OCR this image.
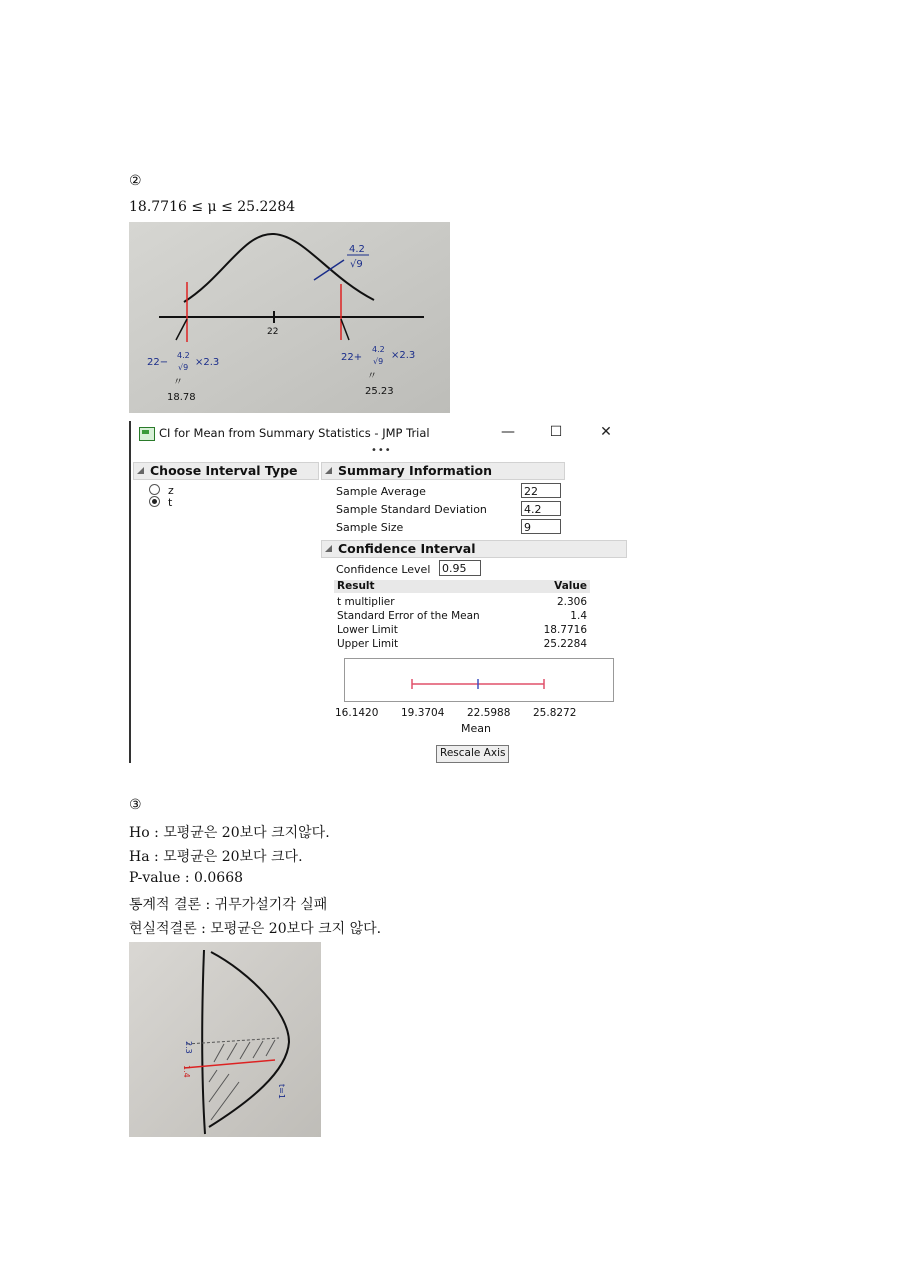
②
18.7716 ≤ μ ≤ 25.2284
4.2
√9
22
22−
4.2
√9 ×2.3	22+
4.2
√9
×2.3
〃
18.78
〃
25.23
CI for Mean from Summary Statistics - JMP Trial	—	☐	✕
•••
Choose Interval Type
z
t
Summary Information
Sample Average	22
Sample Standard Deviation	4.2
Sample Size	9
Confidence Interval
Confidence Level 0.95
Result	Value
t multiplier	2.306
Standard Error of the Mean	1.4
Lower Limit	18.7716
Upper Limit	25.2284
16.1420 19.3704 22.5988 25.8272
Mean
Rescale Axis
③
Ho : 모평균은 20보다 크지않다.
Ha : 모평균은 20보다 크다.
P-value : 0.0668
통계적 결론 : 귀무가설기각 실패
현실적결론 : 모평균은 20보다 크지 않다.
2.3
t=1
1.4
